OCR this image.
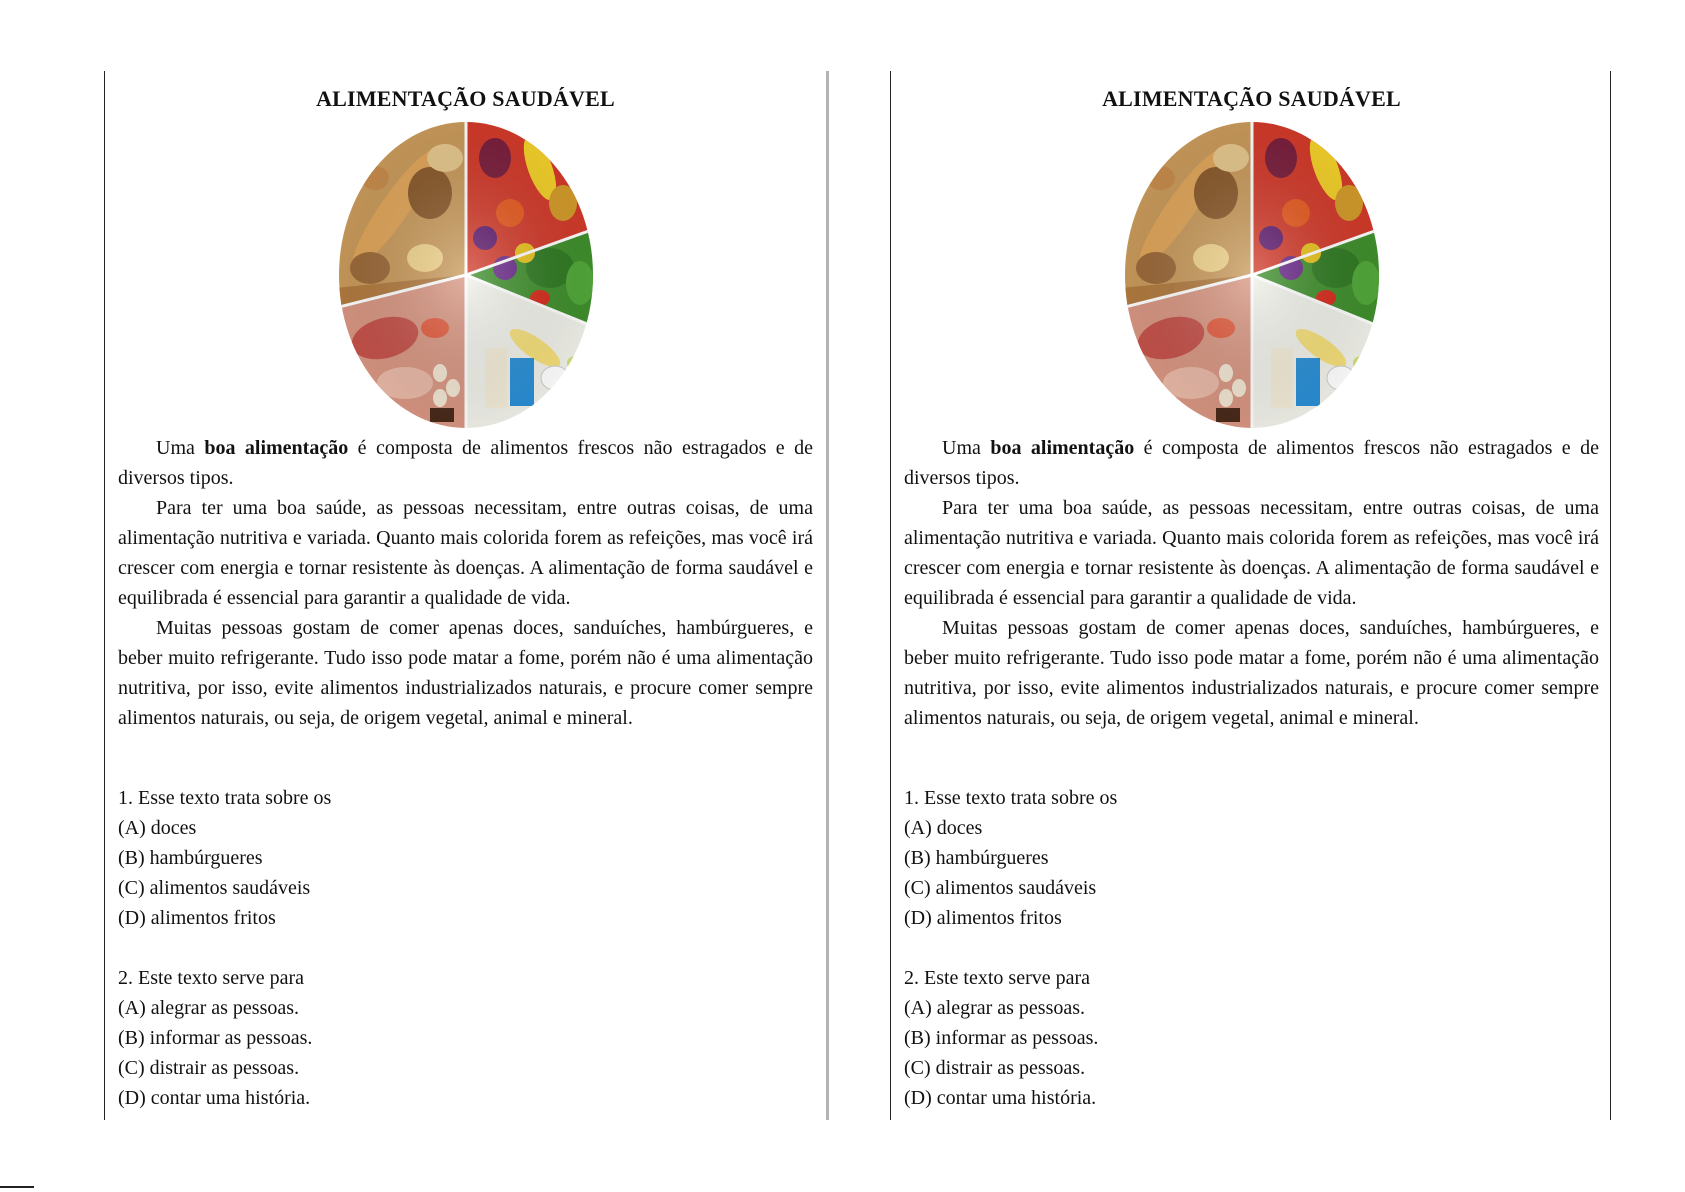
ALIMENTAÇÃO SAUDÁVEL

Uma boa alimentação é composta de alimentos frescos não estragados e de diversos tipos.

Para ter uma boa saúde, as pessoas necessitam, entre outras coisas, de uma alimentação nutritiva e variada. Quanto mais colorida forem as refeições, mas você irá crescer com energia e tornar resistente às doenças. A alimentação de forma saudável e equilibrada é essencial para garantir a qualidade de vida.

Muitas pessoas gostam de comer apenas doces, sanduíches, hambúrgueres, e beber muito refrigerante. Tudo isso pode matar a fome, porém não é uma alimentação nutritiva, por isso, evite alimentos industrializados naturais, e procure comer sempre alimentos naturais, ou seja, de origem vegetal, animal e mineral.

1. Esse texto trata sobre os
(A) doces
(B) hambúrgueres
(C) alimentos saudáveis
(D) alimentos fritos
2. Este texto serve para
(A) alegrar as pessoas.
(B) informar as pessoas.
(C) distrair as pessoas.
(D) contar uma história.
ALIMENTAÇÃO SAUDÁVEL

Uma boa alimentação é composta de alimentos frescos não estragados e de diversos tipos.

Para ter uma boa saúde, as pessoas necessitam, entre outras coisas, de uma alimentação nutritiva e variada. Quanto mais colorida forem as refeições, mas você irá crescer com energia e tornar resistente às doenças. A alimentação de forma saudável e equilibrada é essencial para garantir a qualidade de vida.

Muitas pessoas gostam de comer apenas doces, sanduíches, hambúrgueres, e beber muito refrigerante. Tudo isso pode matar a fome, porém não é uma alimentação nutritiva, por isso, evite alimentos industrializados naturais, e procure comer sempre alimentos naturais, ou seja, de origem vegetal, animal e mineral.

1. Esse texto trata sobre os
(A) doces
(B) hambúrgueres
(C) alimentos saudáveis
(D) alimentos fritos
2. Este texto serve para
(A) alegrar as pessoas.
(B) informar as pessoas.
(C) distrair as pessoas.
(D) contar uma história.
